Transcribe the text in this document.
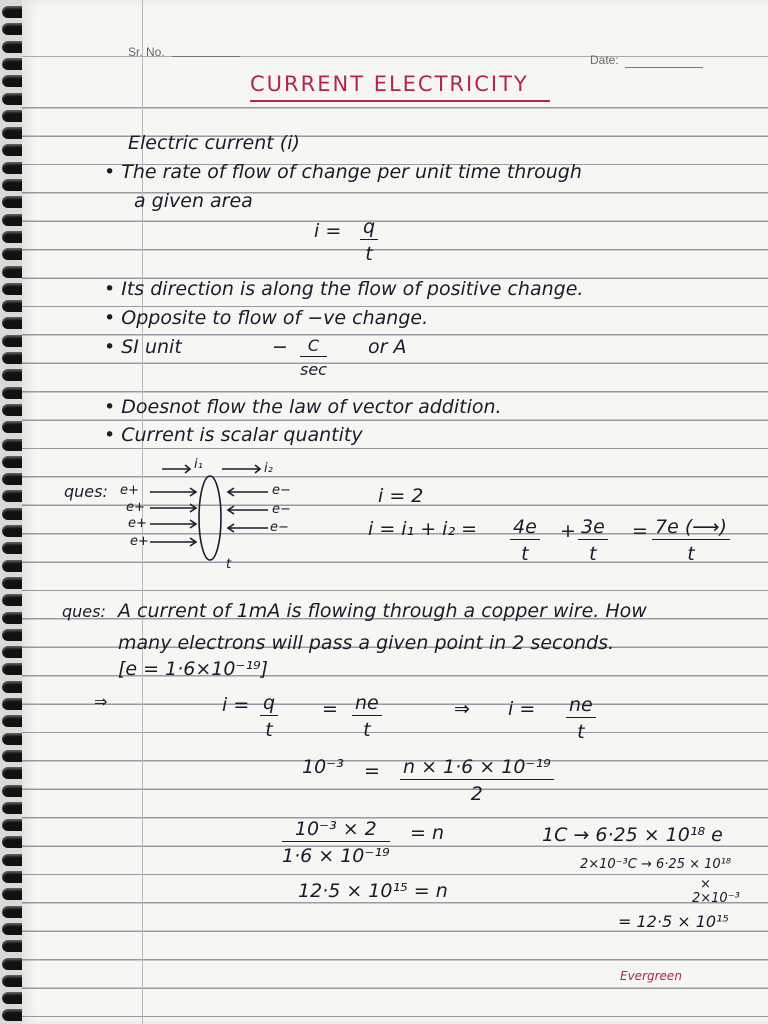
Sr. No.
Date:
CURRENT ELECTRICITY
Electric current (i)
• The rate of flow of change per unit time through
a given area
$i = \frac{q}{t}$
• Its direction is along the flow of positive change.
• Opposite to flow of −ve change.
• SI unit	−	C
sec
or A
• Doesnot flow the law of vector addition.
• Current is scalar quantity
ques: e+
e+
e+
e+
e−
e−
e−
i₁	i₂
t
i = 2
$i = i_1 + i_2 = \frac{4e}{t} + \frac{3e}{t} = \frac{7e (⟶)}{t}$
ques: A current of 1mA is flowing through a copper wire. How
many electrons will pass a given point in 2 seconds.
[e = 1·6×10⁻¹⁹]
⇒	$i = \frac{q}{t} = \frac{ne}{t}$	⇒ $i = \frac{ne}{t}$
$10^{-3} = \frac{\text{n × 1·6 × 10⁻¹⁹}}{2}$
$\frac{\text{10⁻³ × 2}}{\text{1·6 × 10⁻¹⁹}} = n$
12·5 × 10¹⁵ = n
1C → 6·25 × 10¹⁸ e
2×10⁻³C → 6·25 × 10¹⁸
×
2×10⁻³
= 12·5 × 10¹⁵
Evergreen
